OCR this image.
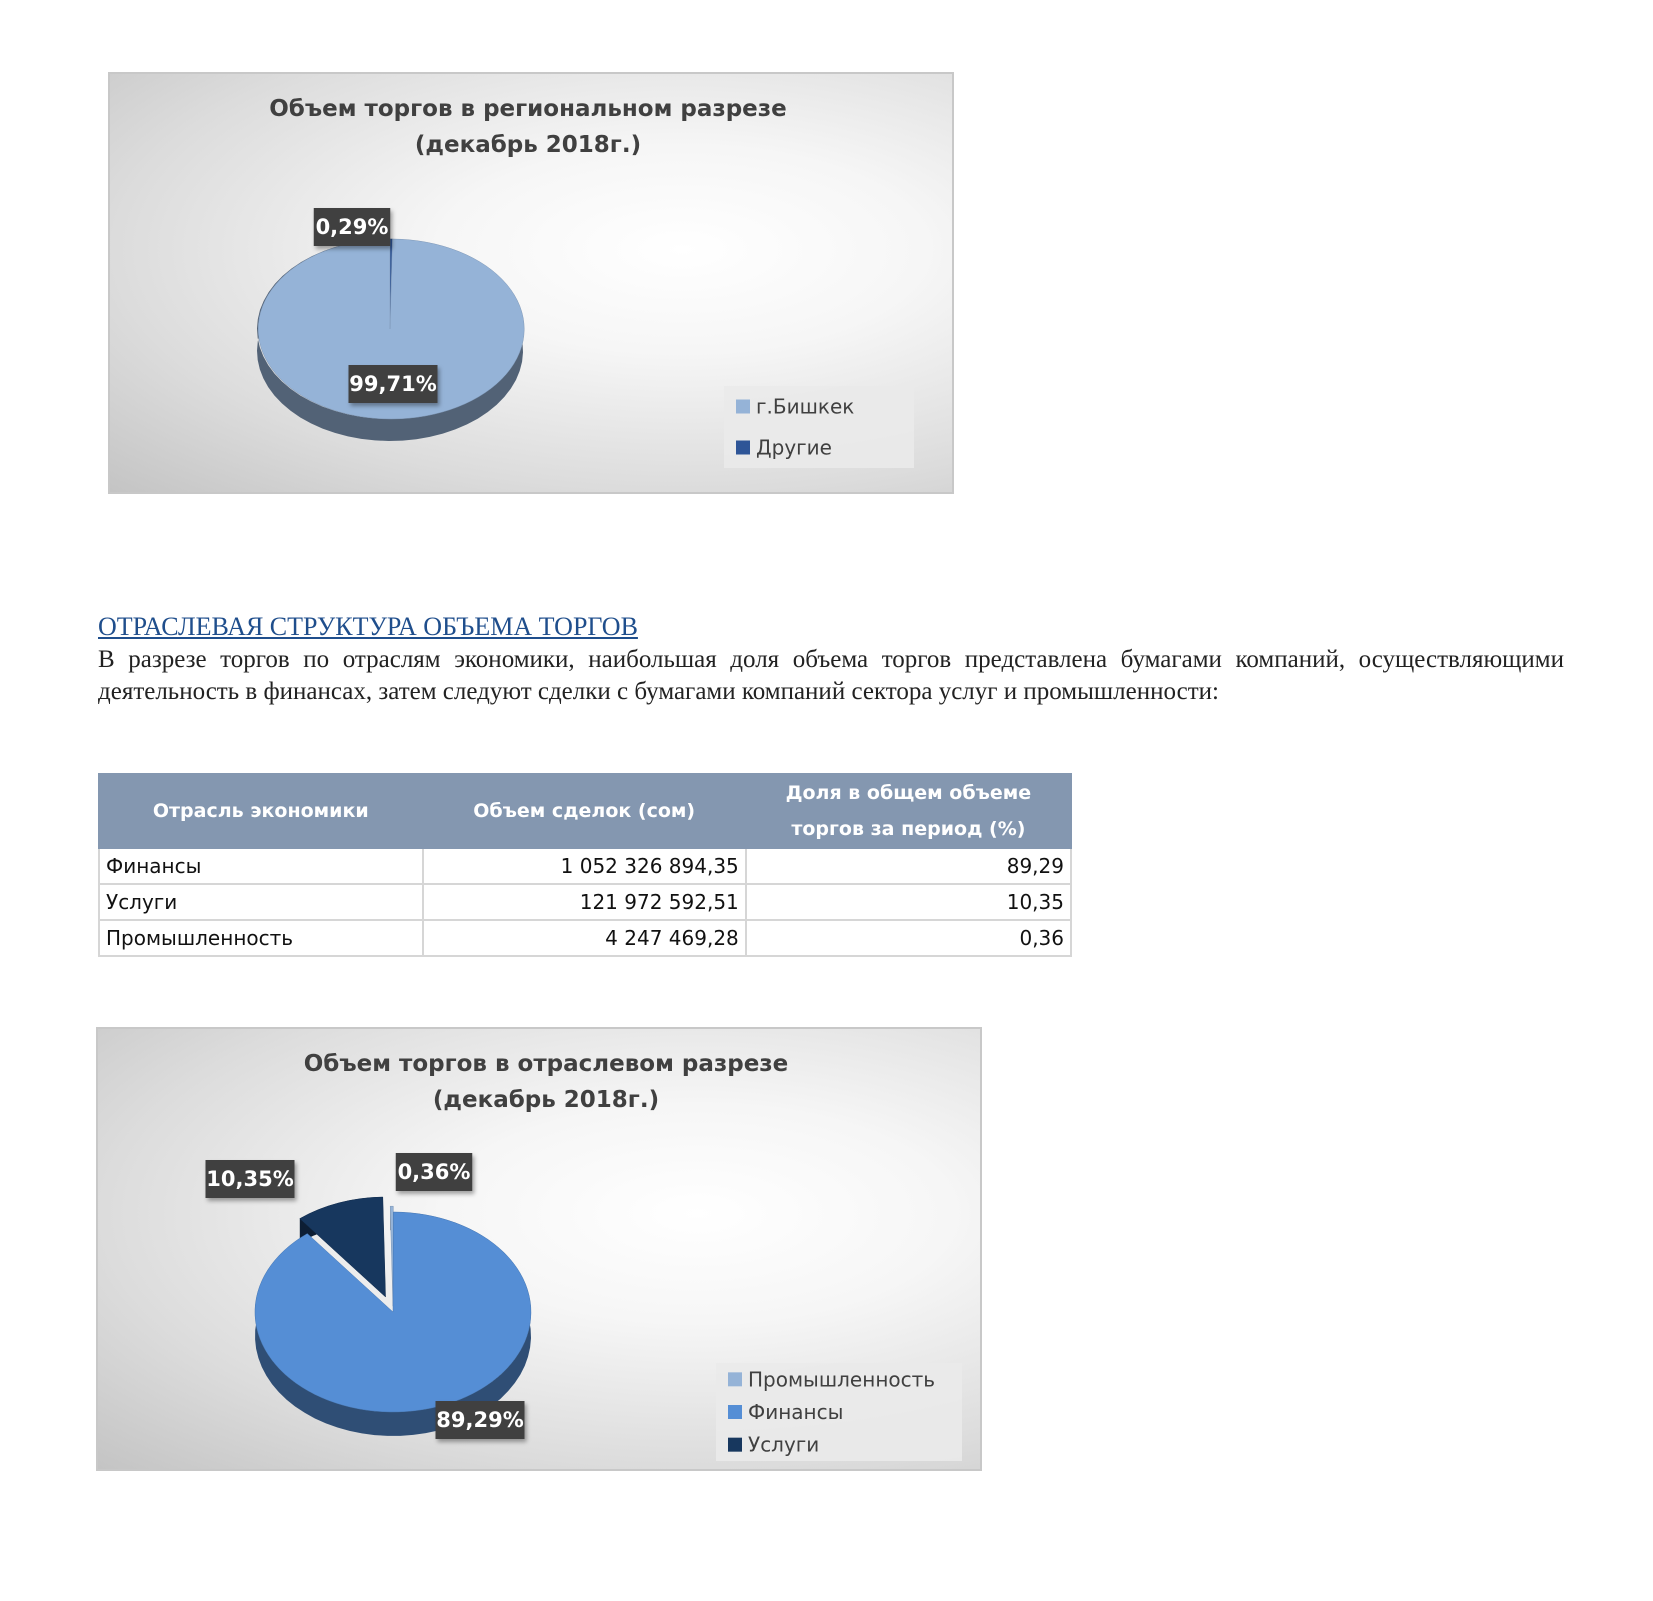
Объем торгов в региональном разрезе
(декабрь 2018г.)
99,71%
0,29%
г.Бишкек
Другие
ОТРАСЛЕВАЯ СТРУКТУРА ОБЪЕМА ТОРГОВ

В разрезе торгов по отраслям экономики, наибольшая доля объема торгов представлена бумагами компаний, осуществляющими деятельность в финансах, затем следуют сделки с бумагами компаний сектора услуг и промышленности:

Отрасль экономики	Объем сделок (сом)	Доля в общем объеме торгов за период (%)
Финансы	1 052 326 894,35	89,29
Услуги	121 972 592,51	10,35
Промышленность	4 247 469,28	0,36
Объем торгов в отраслевом разрезе
(декабрь 2018г.)
89,29%
10,35%	0,36%
Промышленность
Финансы
Услуги
